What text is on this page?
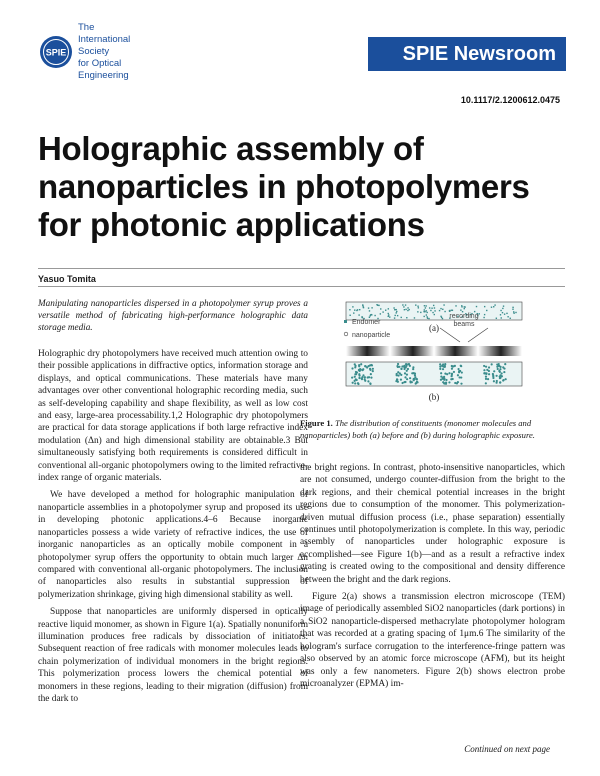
SPIE
The International Society
for Optical Engineering
SPIE Newsroom
10.1117/2.1200612.0475
Holographic assembly of nanoparticles in photopolymers for photonic applications
Yasuo Tomita
Manipulating nanoparticles dispersed in a photopolymer syrup proves a versatile method of fabricating high-performance holographic data storage media.

Holographic dry photopolymers have received much attention owing to their possible applications in diffractive optics, information storage and displays, and optical communications. These materials have many advantages over other conventional holographic recording media, such as self-developing capability and shape flexibility, as well as low cost and easy, large-area processability.1,2 Holographic dry photopolymers are practical for data storage applications if both large refractive index modulation (Δn) and high dimensional stability are obtainable.3 But simultaneously satisfying both requirements is considered difficult in conventional all-organic photopolymers owing to the limited refractive-index range of organic materials.

We have developed a method for holographic manipulation of nanoparticle assemblies in a photopolymer syrup and proposed its use in developing photonic applications.4–6 Because inorganic nanoparticles possess a wide variety of refractive indices, the use of inorganic nanoparticles as an optically mobile component in a photopolymer syrup offers the opportunity to obtain much larger Δn compared with conventional all-organic photopolymers. The inclusion of nanoparticles also results in substantial suppression of polymerization shrinkage, giving high dimensional stability as well.

Suppose that nanoparticles are uniformly dispersed in optically reactive liquid monomer, as shown in Figure 1(a). Spatially nonuniform illumination produces free radicals by dissociation of initiators. Subsequent reaction of free radicals with monomer molecules leads to chain polymerization of individual monomers in the bright regions. This polymerization process lowers the chemical potential of monomers in these regions, leading to their migration (diffusion) from the dark to

(a)
Endomer
nanoparticle
recording
beams
(b)
Figure 1. The distribution of constituents (monomer molecules and nanoparticles) both (a) before and (b) during holographic exposure.

the bright regions. In contrast, photo-insensitive nanoparticles, which are not consumed, undergo counter-diffusion from the bright to the dark regions, and their chemical potential increases in the bright regions due to consumption of the monomer. This polymerization-driven mutual diffusion process (i.e., phase separation) essentially continues until photopolymerization is complete. In this way, periodic assembly of nanoparticles under holographic exposure is accomplished—see Figure 1(b)—and as a result a refractive index grating is created owing to the compositional and density difference between the bright and the dark regions.

Figure 2(a) shows a transmission electron microscope (TEM) image of periodically assembled SiO2 nanoparticles (dark portions) in a SiO2 nanoparticle-dispersed methacrylate photopolymer hologram that was recorded at a grating spacing of 1μm.6 The similarity of the hologram's surface corrugation to the interference-fringe pattern was also observed by an atomic force microscope (AFM), but its height was only a few nanometers. Figure 2(b) shows electron probe microanalyzer (EPMA) im-

Continued on next page
